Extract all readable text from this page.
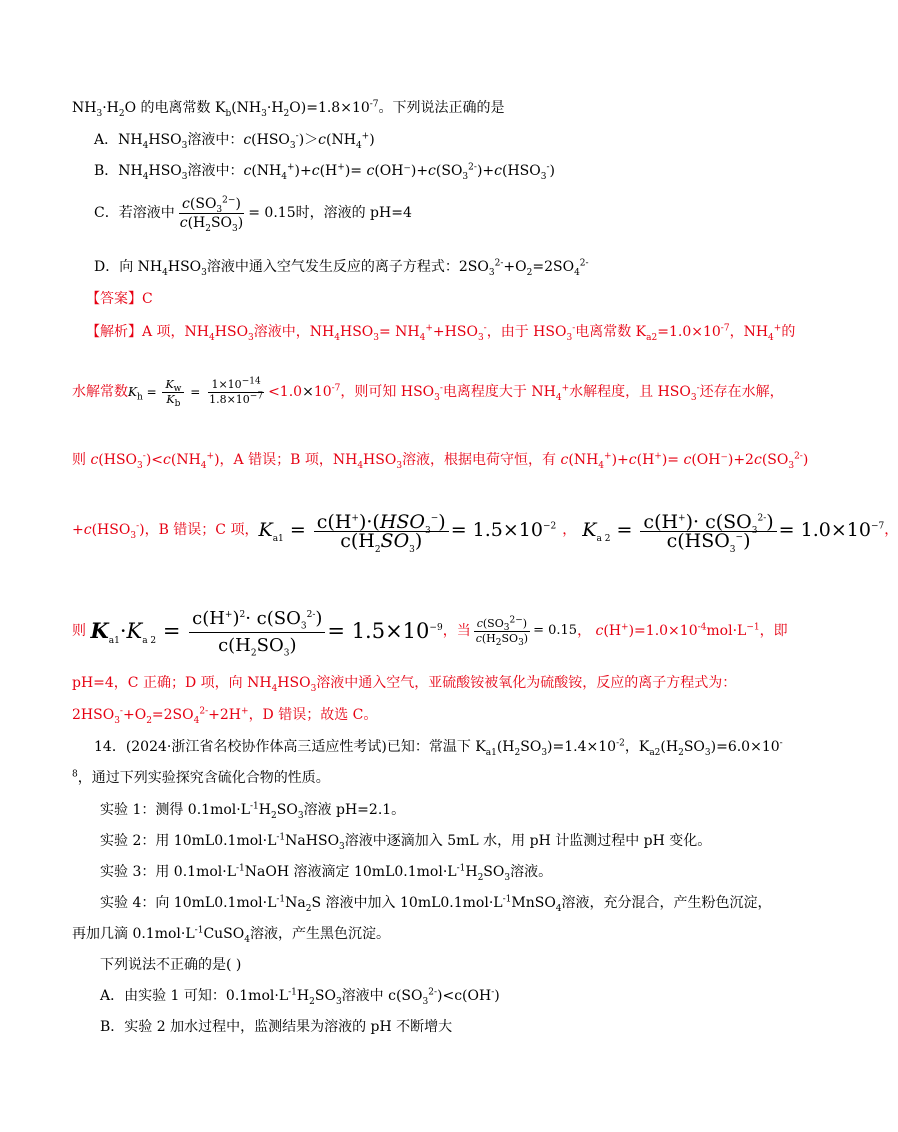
$NH_3\cdot H_2O$ 的电离常数 $K_b(NH_3\cdot H_2O)=1.8\times 10^{-7}$。下列说法正确的是
A．$NH_4HSO_3$溶液中：$c(HSO_3^-)>c(NH_4^+)$
B．$NH_4HSO_3$溶液中：$c(NH_4^+)+c(H^+)= c(OH^-)+c(SO_3^{2-})+c(HSO_3^-)$
C．若溶液中 $\frac{c(SO_3^{2-})}{c(H_2SO_3)} = 0.15$时，溶液的 pH=4
D．向 $NH_4HSO_3$溶液中通入空气发生反应的离子方程式：$2SO_3^{2-}+O_2=2SO_4^{2-}$
【答案】C
【解析】A 项，$NH_4HSO_3$溶液中，$NH_4HSO_3= NH_4^++HSO_3^-$，由于 $HSO_3^-$电离常数 $K_{a2}=1.0\times 10^{-7}$，$NH_4^+$的
水解常数$K_h = \frac{K_w}{K_b} = \frac{1\times 10^{-14}}{1.8\times 10^{-7}} <1.0\times 10^{-7}$，则可知 $HSO_3^-$电离程度大于 $NH_4^+$水解程度，且 $HSO_3^-$还存在水解，
则 $c(HSO_3^-)<c(NH_4^+)$，A 错误；B 项，$NH_4HSO_3$溶液，根据电荷守恒，有 $c(NH_4^+)+c(H^+)= c(OH^-)+2c(SO_3^{2-})$
$+c(HSO_3^-)$，B 错误；C 项，$K_{a1} = \frac{c(H^+)\cdot(HSO_3^-)}{c(H_2SO_3)} = 1.5\times 10^{-2}$ ， $K_{a 2} = \frac{c(H^+)\cdot c(SO_3^{2-})}{c(HSO_3^-)} = 1.0\times 10^{-7}$，
则 $K_{a1}\cdot K_{a 2} = \frac{c(H^+)^2\cdot c(SO_3^{2-})}{c(H_2SO_3)} = 1.5\times 10^{-9}$，当 $\frac{c(SO_3^{2-})}{c(H_2SO_3)} = 0.15$， $c(H^+)=1.0\times 10^{-4}mol\cdot L^{-1}$，即
pH=4，C 正确；D 项，向 $NH_4HSO_3$溶液中通入空气，亚硫酸铵被氧化为硫酸铵，反应的离子方程式为：
$2HSO_3^-+O_2=2SO_4^{2-}+2H^+$，D 错误；故选 C。
14．(2024·浙江省名校协作体高三适应性考试)已知：常温下 $K_{a1}(H_2SO_3)=1.4\times 10^{-2}$，$K_{a2}(H_2SO_3)=6.0\times 10^-$
$^8$，通过下列实验探究含硫化合物的性质。
实验 1：测得 $0.1mol\cdot L^{-1}H_2SO_3$溶液 pH=2.1。
实验 2：用 $10mL0.1mol\cdot L^{-1}NaHSO_3$溶液中逐滴加入 5mL 水，用 pH 计监测过程中 pH 变化。
实验 3：用 $0.1mol\cdot L^{-1}NaOH$ 溶液滴定 $10mL0.1mol\cdot L^{-1}H_2SO_3$溶液。
实验 4：向 $10mL0.1mol\cdot L^{-1}Na_2S$ 溶液中加入 $10mL0.1mol\cdot L^{-1}MnSO_4$溶液，充分混合，产生粉色沉淀，
再加几滴 $0.1mol\cdot L^{-1}CuSO_4$溶液，产生黑色沉淀。
下列说法不正确的是( )
A．由实验 1 可知：$0.1mol\cdot L^{-1}H_2SO_3$溶液中 $c(SO_3^{2-})<c(OH^-)$
B．实验 2 加水过程中，监测结果为溶液的 pH 不断增大
